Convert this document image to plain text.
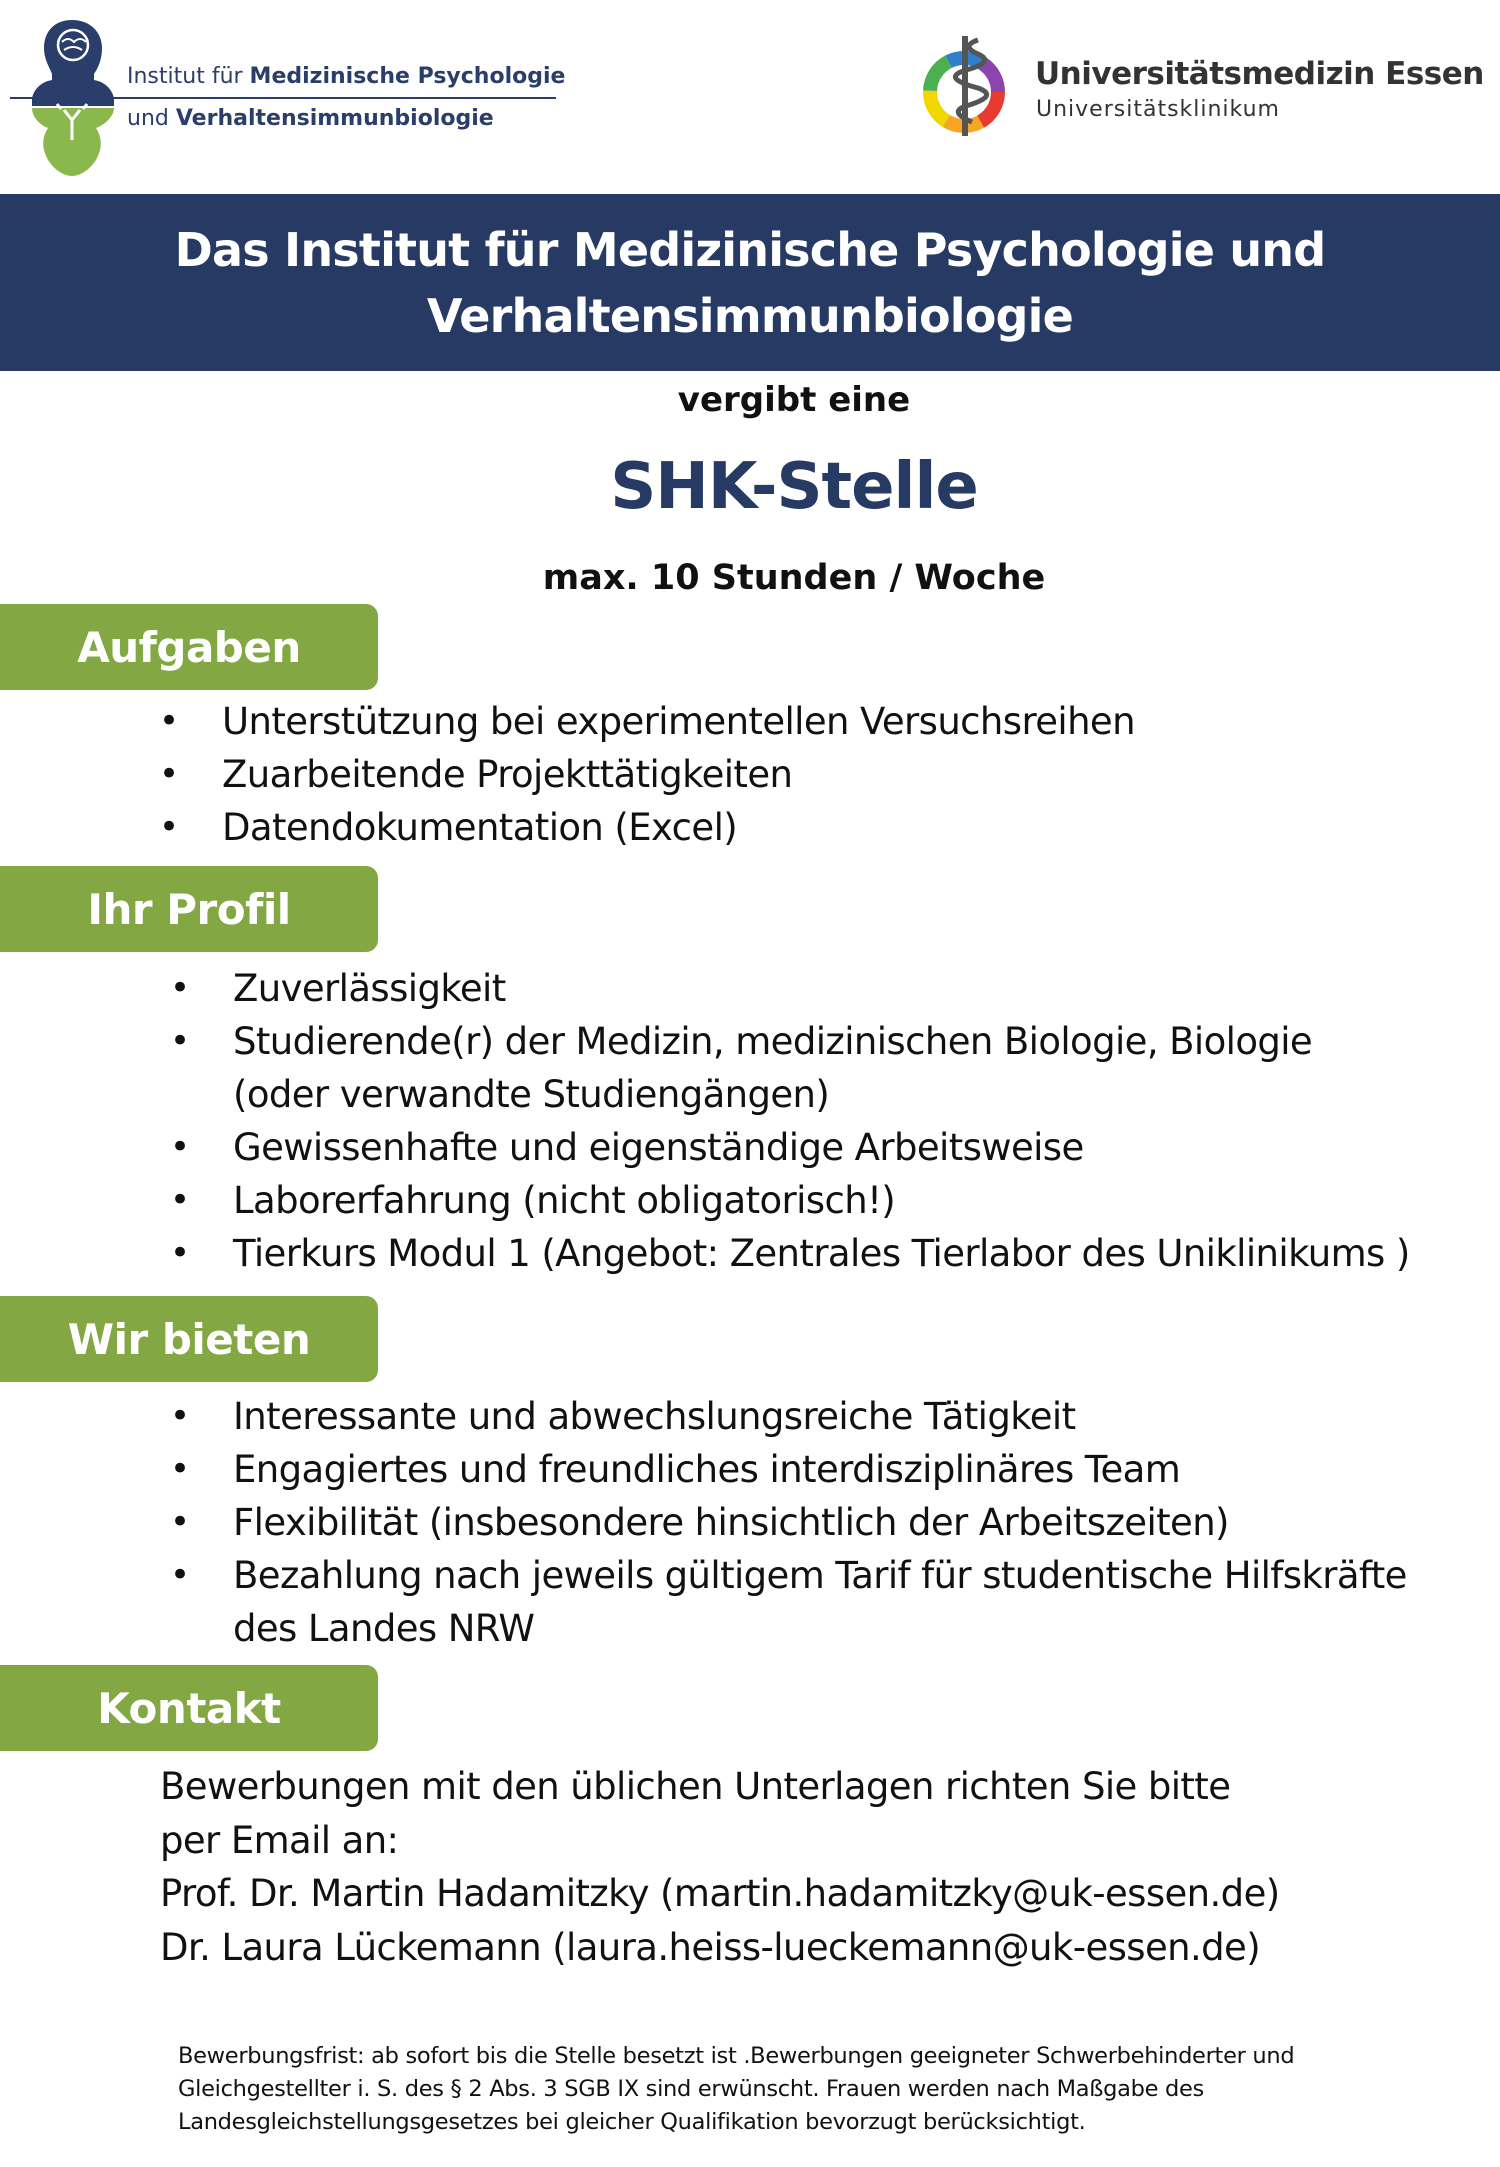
Institut für Medizinische Psychologie
und Verhaltensimmunbiologie
Universitätsmedizin Essen
Universitätsklinikum
Das Institut für Medizinische Psychologie und
Verhaltensimmunbiologie
vergibt eine
SHK-Stelle
max. 10 Stunden / Woche
Aufgaben
• Unterstützung bei experimentellen Versuchsreihen
• Zuarbeitende Projekttätigkeiten
• Datendokumentation (Excel)
Ihr Profil
• Zuverlässigkeit
• Studierende(r) der Medizin, medizinischen Biologie, Biologie
(oder verwandte Studiengängen)
• Gewissenhafte und eigenständige Arbeitsweise
• Laborerfahrung (nicht obligatorisch!)
• Tierkurs Modul 1 (Angebot: Zentrales Tierlabor des Uniklinikums )
Wir bieten
• Interessante und abwechslungsreiche Tätigkeit
• Engagiertes und freundliches interdisziplinäres Team
• Flexibilität (insbesondere hinsichtlich der Arbeitszeiten)
• Bezahlung nach jeweils gültigem Tarif für studentische Hilfskräfte
des Landes NRW
Kontakt
Bewerbungen mit den üblichen Unterlagen richten Sie bitte
per Email an:
Prof. Dr. Martin Hadamitzky (martin.hadamitzky@uk-essen.de)
Dr. Laura Lückemann (laura.heiss-lueckemann@uk-essen.de)
Bewerbungsfrist: ab sofort bis die Stelle besetzt ist .Bewerbungen geeigneter Schwerbehinderter und
Gleichgestellter i. S. des § 2 Abs. 3 SGB IX sind erwünscht. Frauen werden nach Maßgabe des
Landesgleichstellungsgesetzes bei gleicher Qualifikation bevorzugt berücksichtigt.
